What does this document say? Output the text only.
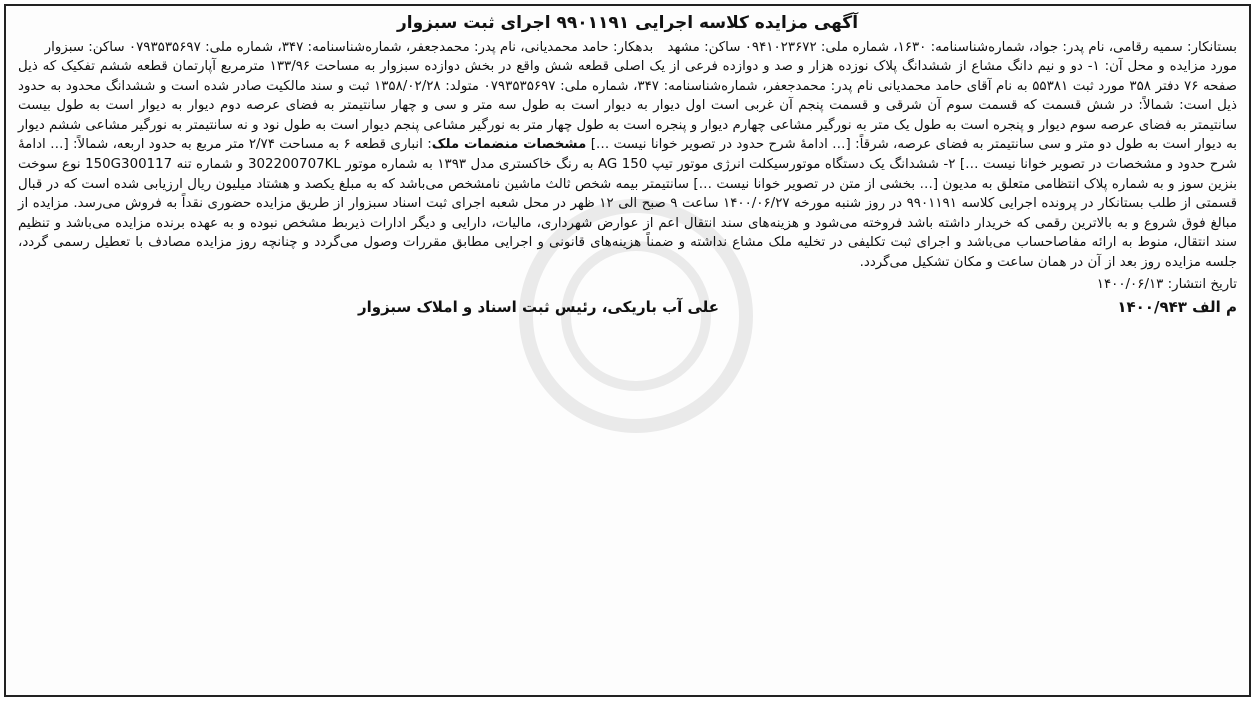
آگهی مزایده کلاسه اجرایی ۹۹۰۱۱۹۱ اجرای ثبت سبزوار
بستانکار: سمیه رقامی، نام پدر: جواد، شماره‌شناسنامه: ۱۶۳۰، شماره ملی: ۰۹۴۱۰۲۳۶۷۲ ساکن: مشهد بدهکار: حامد محمدیانی، نام پدر: محمدجعفر، شماره‌شناسنامه: ۳۴۷، شماره ملی: ۰۷۹۳۵۳۵۶۹۷ ساکن: سبزوار

مورد مزایده و محل آن: ۱- دو و نیم دانگ مشاع از ششدانگ پلاک نوزده هزار و صد و دوازده فرعی از یک اصلی قطعه شش واقع در بخش دوازده سبزوار به مساحت ۱۳۳/۹۶ مترمربع آپارتمان قطعه ششم تفکیک که ذیل صفحه ۷۶ دفتر ۳۵۸ مورد ثبت ۵۵۳۸۱ به نام آقای حامد محمدیانی نام پدر: محمدجعفر، شماره‌شناسنامه: ۳۴۷، شماره ملی: ۰۷۹۳۵۳۵۶۹۷ متولد: ۱۳۵۸/۰۲/۲۸ ثبت و سند مالکیت صادر شده است و ششدانگ محدود به حدود ذیل است: شمالاً: در شش قسمت که قسمت سوم آن شرقی و قسمت پنجم آن غربی است اول دیوار به دیوار است به طول سه متر و سی و چهار سانتیمتر به فضای عرصه دوم دیوار به دیوار است به طول بیست سانتیمتر به فضای عرصه سوم دیوار و پنجره است به طول یک متر به نورگیر مشاعی چهارم دیوار و پنجره است به طول چهار متر به نورگیر مشاعی پنجم دیوار است به طول نود و نه سانتیمتر به نورگیر مشاعی ششم دیوار به دیوار است به طول دو متر و سی سانتیمتر به فضای عرصه، شرقاً: [… ادامهٔ شرح حدود در تصویر خوانا نیست …] مشخصات منضمات ملک: انباری قطعه ۶ به مساحت ۲/۷۴ متر مربع به حدود اربعه، شمالاً: [… ادامهٔ شرح حدود و مشخصات در تصویر خوانا نیست …] ۲- ششدانگ یک دستگاه موتورسیکلت انرژی موتور تیپ AG 150 به رنگ خاکستری مدل ۱۳۹۳ به شماره موتور 302200707KL و شماره تنه 150G300117 نوع سوخت بنزین سوز و به شماره پلاک انتظامی متعلق به مدیون [… بخشی از متن در تصویر خوانا نیست …] سانتیمتر بیمه شخص ثالث ماشین نامشخص می‌باشد که به مبلغ یکصد و هشتاد میلیون ریال ارزیابی شده است که در قبال قسمتی از طلب بستانکار در پرونده اجرایی کلاسه ۹۹۰۱۱۹۱ در روز شنبه مورخه ۱۴۰۰/۰۶/۲۷ ساعت ۹ صبح الی ۱۲ ظهر در محل شعبه اجرای ثبت اسناد سبزوار از طریق مزایده حضوری نقداً به فروش می‌رسد. مزایده از مبالغ فوق شروع و به بالاترین رقمی که خریدار داشته باشد فروخته می‌شود و هزینه‌های سند انتقال اعم از عوارض شهرداری، مالیات، دارایی و دیگر ادارات ذیربط مشخص نبوده و به عهده برنده مزایده می‌باشد و تنظیم سند انتقال، منوط به ارائه مفاصاحساب می‌باشد و اجرای ثبت تکلیفی در تخلیه ملک مشاع نداشته و ضمناً هزینه‌های قانونی و اجرایی مطابق مقررات وصول می‌گردد و چنانچه روز مزایده مصادف با تعطیل رسمی گردد، جلسه مزایده روز بعد از آن در همان ساعت و مکان تشکیل می‌گردد.

تاریخ انتشار: ۱۴۰۰/۰۶/۱۳
م الف ۱۴۰۰/۹۴۳
علی آب باریکی، رئیس ثبت اسناد و املاک سبزوار
